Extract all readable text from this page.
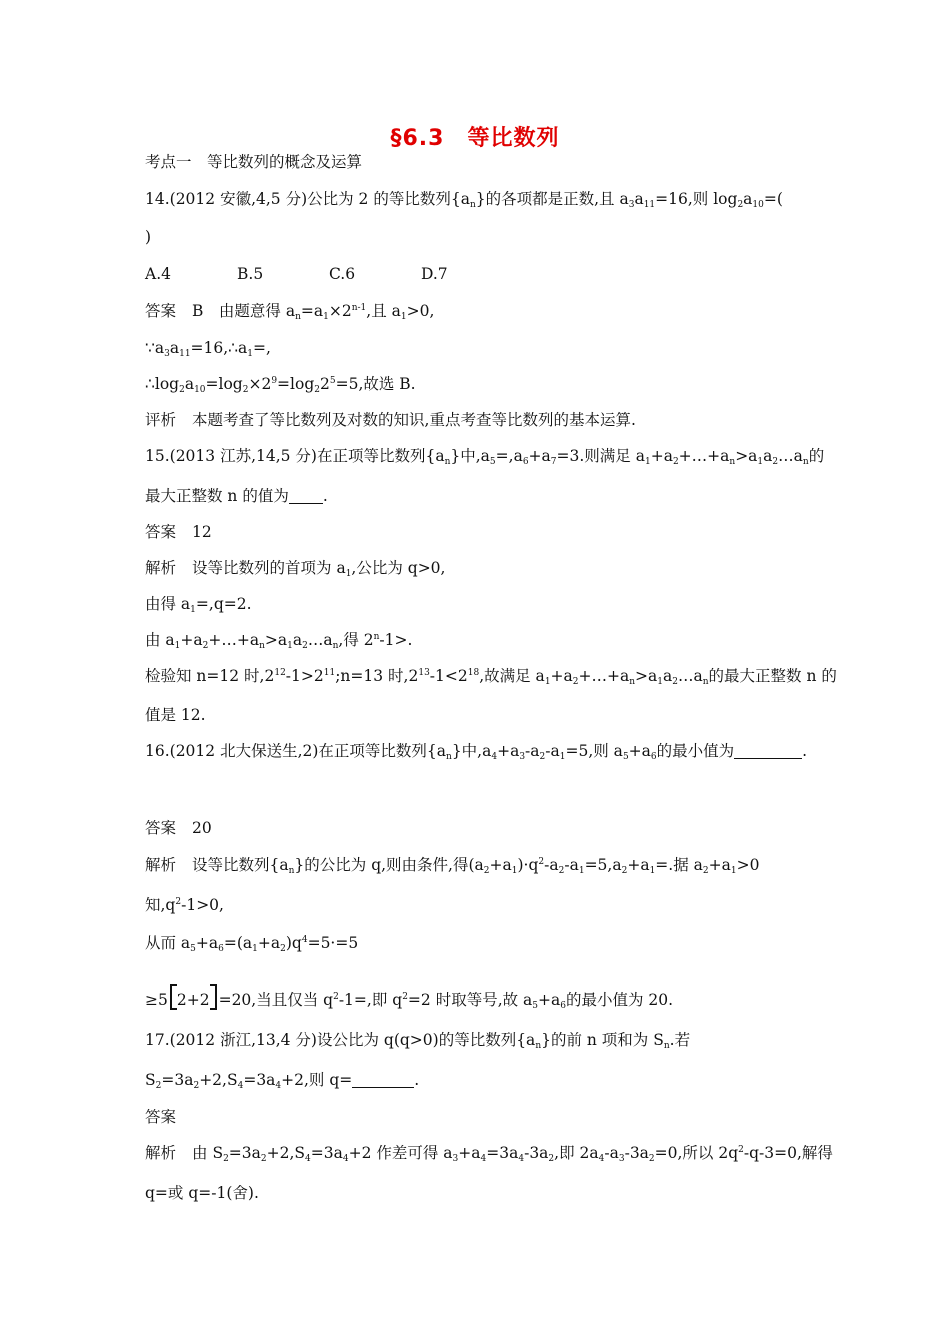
§6.3　等比数列
考点一　等比数列的概念及运算
14.(2012 安徽,4,5 分)公比为 2 的等比数列$\{a_n\}$的各项都是正数,且 $a_3a_{11}=16$,则 $\log_2a_{10}=$(
)
A.4	B.5	C.6	D.7
答案 B　由题意得 $a_n=a_1\times 2^{n-1}$,且 $a_1>0$,
$\because a_3a_{11}=16,\therefore a_1=$,
$\therefore\log_2a_{10}=\log_2\times 2^9=\log_22^5=5$,故选 B.
评析 本题考查了等比数列及对数的知识,重点考查等比数列的基本运算.
15.(2013 江苏,14,5 分)在正项等比数列$\{a_n\}$中$,a_5=,a_6+a_7=3$.则满足 $a_1+a_2+\dots+a_n>a_1a_2\dots a_n$的
最大正整数 n 的值为 .
答案 12
解析 设等比数列的首项为 $a_1$,公比为 q>0,
由得 $a_1=,q=2$.
由 $a_1+a_2+\dots+a_n>a_1a_2\dots a_n$,得 $2^n-1>$.
检验知 n=12 时$,2^{12}-1>2^{11};n=13$ 时$,2^{13}-1<2^{18}$,故满足 $a_1+a_2+\dots+a_n>a_1a_2\dots a_n$的最大正整数 n 的
值是 12.
16.(2012 北大保送生,2)在正项等比数列$\{a_n\}$中$,a_4+a_3-a_2-a_1=5$,则 $a_5+a_6$的最小值为	.
答案 20
解析 设等比数列$\{a_n\}$的公比为 q,则由条件,得$(a_2+a_1)\cdot q^2-a_2-a_1=5,a_2+a_1=$.据 $a_2+a_1>0$
知$,q^2-1>0$,
从而 $a_5+a_6=(a_1+a_2)q^4=5\cdot=5$
≥5 2+2 =20,当且仅当 $q^2-1=$,即 $q^2=2$ 时取等号,故 $a_5+a_6$的最小值为 20.
17.(2012 浙江,13,4 分)设公比为 q(q>0)的等比数列$\{a_n\}$的前 n 项和为 $S_n$.若
$S_2=3a_2+2,S_4=3a_4+2$,则 q=	.
答案
解析 由 $S_2=3a_2+2,S_4=3a_4+2$ 作差可得 $a_3+a_4=3a_4-3a_2$,即 $2a_4-a_3-3a_2=0$,所以 $2q^2-q-3=0$,解得
q=或 q=-1(舍).
